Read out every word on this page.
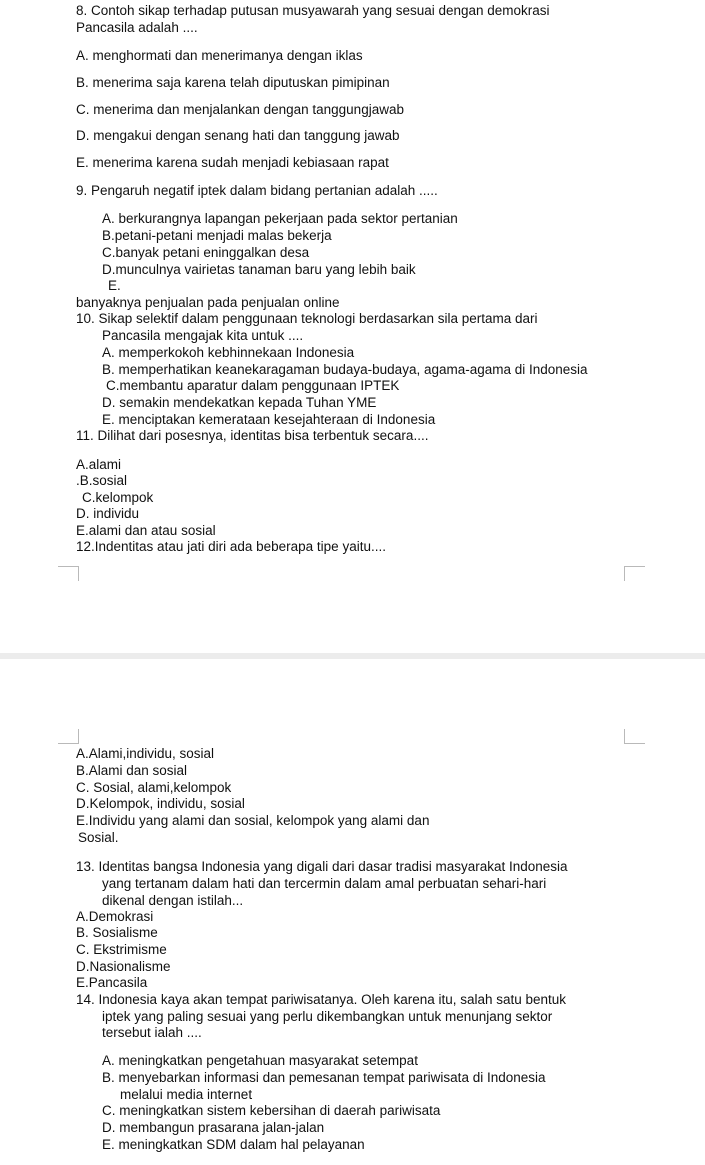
8. Contoh sikap terhadap putusan musyawarah yang sesuai dengan demokrasi
Pancasila adalah ....
A. menghormati dan menerimanya dengan iklas
B. menerima saja karena telah diputuskan pimipinan
C. menerima dan menjalankan dengan tanggungjawab
D. mengakui dengan senang hati dan tanggung jawab
E. menerima karena sudah menjadi kebiasaan rapat
9. Pengaruh negatif iptek dalam bidang pertanian adalah .....
A. berkurangnya lapangan pekerjaan pada sektor pertanian
B.petani-petani menjadi malas bekerja
C.banyak petani eninggalkan desa
D.munculnya vairietas tanaman baru yang lebih baik
E.
banyaknya penjualan pada penjualan online
10. Sikap selektif dalam penggunaan teknologi berdasarkan sila pertama dari
Pancasila mengajak kita untuk ....
A. memperkokoh kebhinnekaan Indonesia
B. memperhatikan keanekaragaman budaya-budaya, agama-agama di Indonesia
C.membantu aparatur dalam penggunaan IPTEK
D. semakin mendekatkan kepada Tuhan YME
E. menciptakan kemerataan kesejahteraan di Indonesia
11. Dilihat dari posesnya, identitas bisa terbentuk secara....
A.alami
.B.sosial
C.kelompok
D. individu
E.alami dan atau sosial
12.Indentitas atau jati diri ada beberapa tipe yaitu....
A.Alami,individu, sosial
B.Alami dan sosial
C. Sosial, alami,kelompok
D.Kelompok, individu, sosial
E.Individu yang alami dan sosial, kelompok yang alami dan
Sosial.
13. Identitas bangsa Indonesia yang digali dari dasar tradisi masyarakat Indonesia
yang tertanam dalam hati dan tercermin dalam amal perbuatan sehari-hari
dikenal dengan istilah...
A.Demokrasi
B. Sosialisme
C. Ekstrimisme
D.Nasionalisme
E.Pancasila
14. Indonesia kaya akan tempat pariwisatanya. Oleh karena itu, salah satu bentuk
iptek yang paling sesuai yang perlu dikembangkan untuk menunjang sektor
tersebut ialah ....
A. meningkatkan pengetahuan masyarakat setempat
B. menyebarkan informasi dan pemesanan tempat pariwisata di Indonesia
melalui media internet
C. meningkatkan sistem kebersihan di daerah pariwisata
D. membangun prasarana jalan-jalan
E. meningkatkan SDM dalam hal pelayanan
